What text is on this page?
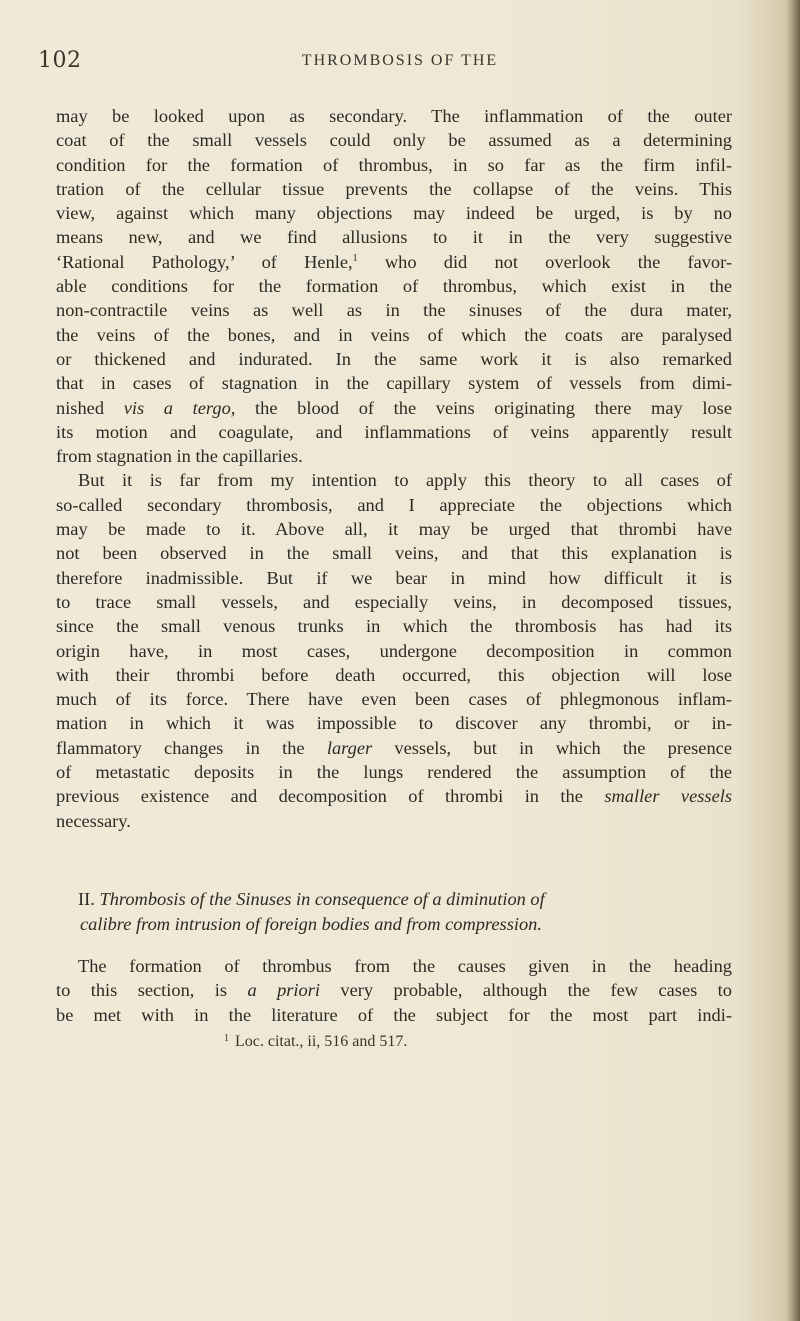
102	THROMBOSIS OF THE
may be looked upon as secondary. The inflammation of the outer
coat of the small vessels could only be assumed as a determining
condition for the formation of thrombus, in so far as the firm infil-
tration of the cellular tissue prevents the collapse of the veins. This
view, against which many objections may indeed be urged, is by no
means new, and we find allusions to it in the very suggestive
‘Rational Pathology,’ of Henle,$^1$ who did not overlook the favor-
able conditions for the formation of thrombus, which exist in the
non-contractile veins as well as in the sinuses of the dura mater,
the veins of the bones, and in veins of which the coats are paralysed
or thickened and indurated. In the same work it is also remarked
that in cases of stagnation in the capillary system of vessels from dimi-
nished vis a tergo, the blood of the veins originating there may lose
its motion and coagulate, and inflammations of veins apparently result
from stagnation in the capillaries.
But it is far from my intention to apply this theory to all cases of
so-called secondary thrombosis, and I appreciate the objections which
may be made to it. Above all, it may be urged that thrombi have
not been observed in the small veins, and that this explanation is
therefore inadmissible. But if we bear in mind how difficult it is
to trace small vessels, and especially veins, in decomposed tissues,
since the small venous trunks in which the thrombosis has had its
origin have, in most cases, undergone decomposition in common
with their thrombi before death occurred, this objection will lose
much of its force. There have even been cases of phlegmonous inflam-
mation in which it was impossible to discover any thrombi, or in-
flammatory changes in the larger vessels, but in which the presence
of metastatic deposits in the lungs rendered the assumption of the
previous existence and decomposition of thrombi in the smaller vessels
necessary.
II. Thrombosis of the Sinuses in consequence of a diminution of
calibre from intrusion of foreign bodies and from compression.
The formation of thrombus from the causes given in the heading
to this section, is a priori very probable, although the few cases to
be met with in the literature of the subject for the most part indi-
$^1$ Loc. citat., ii, 516 and 517.
